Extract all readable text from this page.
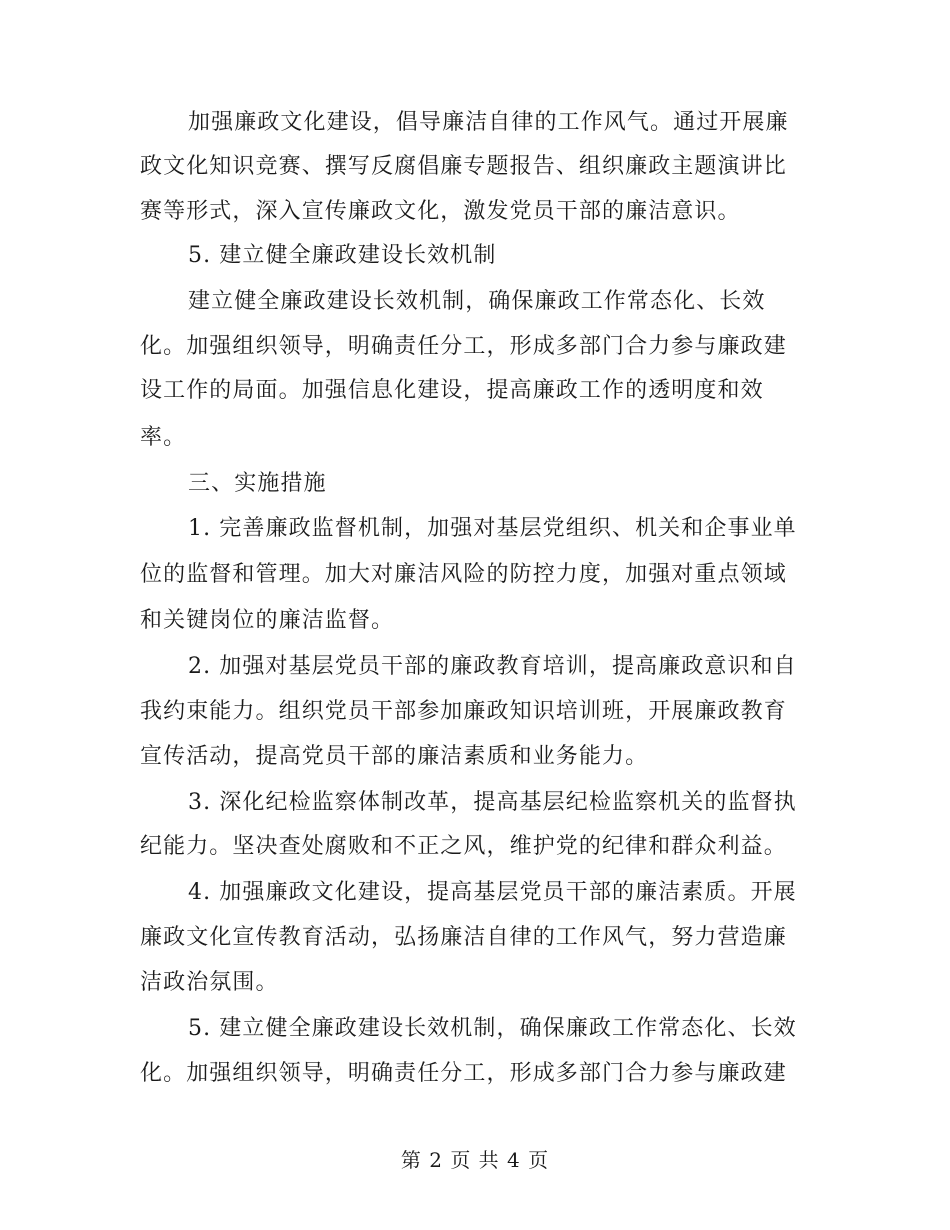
加强廉政文化建设，倡导廉洁自律的工作风气。通过开展廉
政文化知识竞赛、撰写反腐倡廉专题报告、组织廉政主题演讲比
赛等形式，深入宣传廉政文化，激发党员干部的廉洁意识。
5. 建立健全廉政建设长效机制
建立健全廉政建设长效机制，确保廉政工作常态化、长效
化。加强组织领导，明确责任分工，形成多部门合力参与廉政建
设工作的局面。加强信息化建设，提高廉政工作的透明度和效
率。
三、实施措施
1. 完善廉政监督机制，加强对基层党组织、机关和企事业单
位的监督和管理。加大对廉洁风险的防控力度，加强对重点领域
和关键岗位的廉洁监督。
2. 加强对基层党员干部的廉政教育培训，提高廉政意识和自
我约束能力。组织党员干部参加廉政知识培训班，开展廉政教育
宣传活动，提高党员干部的廉洁素质和业务能力。
3. 深化纪检监察体制改革，提高基层纪检监察机关的监督执
纪能力。坚决查处腐败和不正之风，维护党的纪律和群众利益。
4. 加强廉政文化建设，提高基层党员干部的廉洁素质。开展
廉政文化宣传教育活动，弘扬廉洁自律的工作风气，努力营造廉
洁政治氛围。
5. 建立健全廉政建设长效机制，确保廉政工作常态化、长效
化。加强组织领导，明确责任分工，形成多部门合力参与廉政建
第 2 页 共 4 页
